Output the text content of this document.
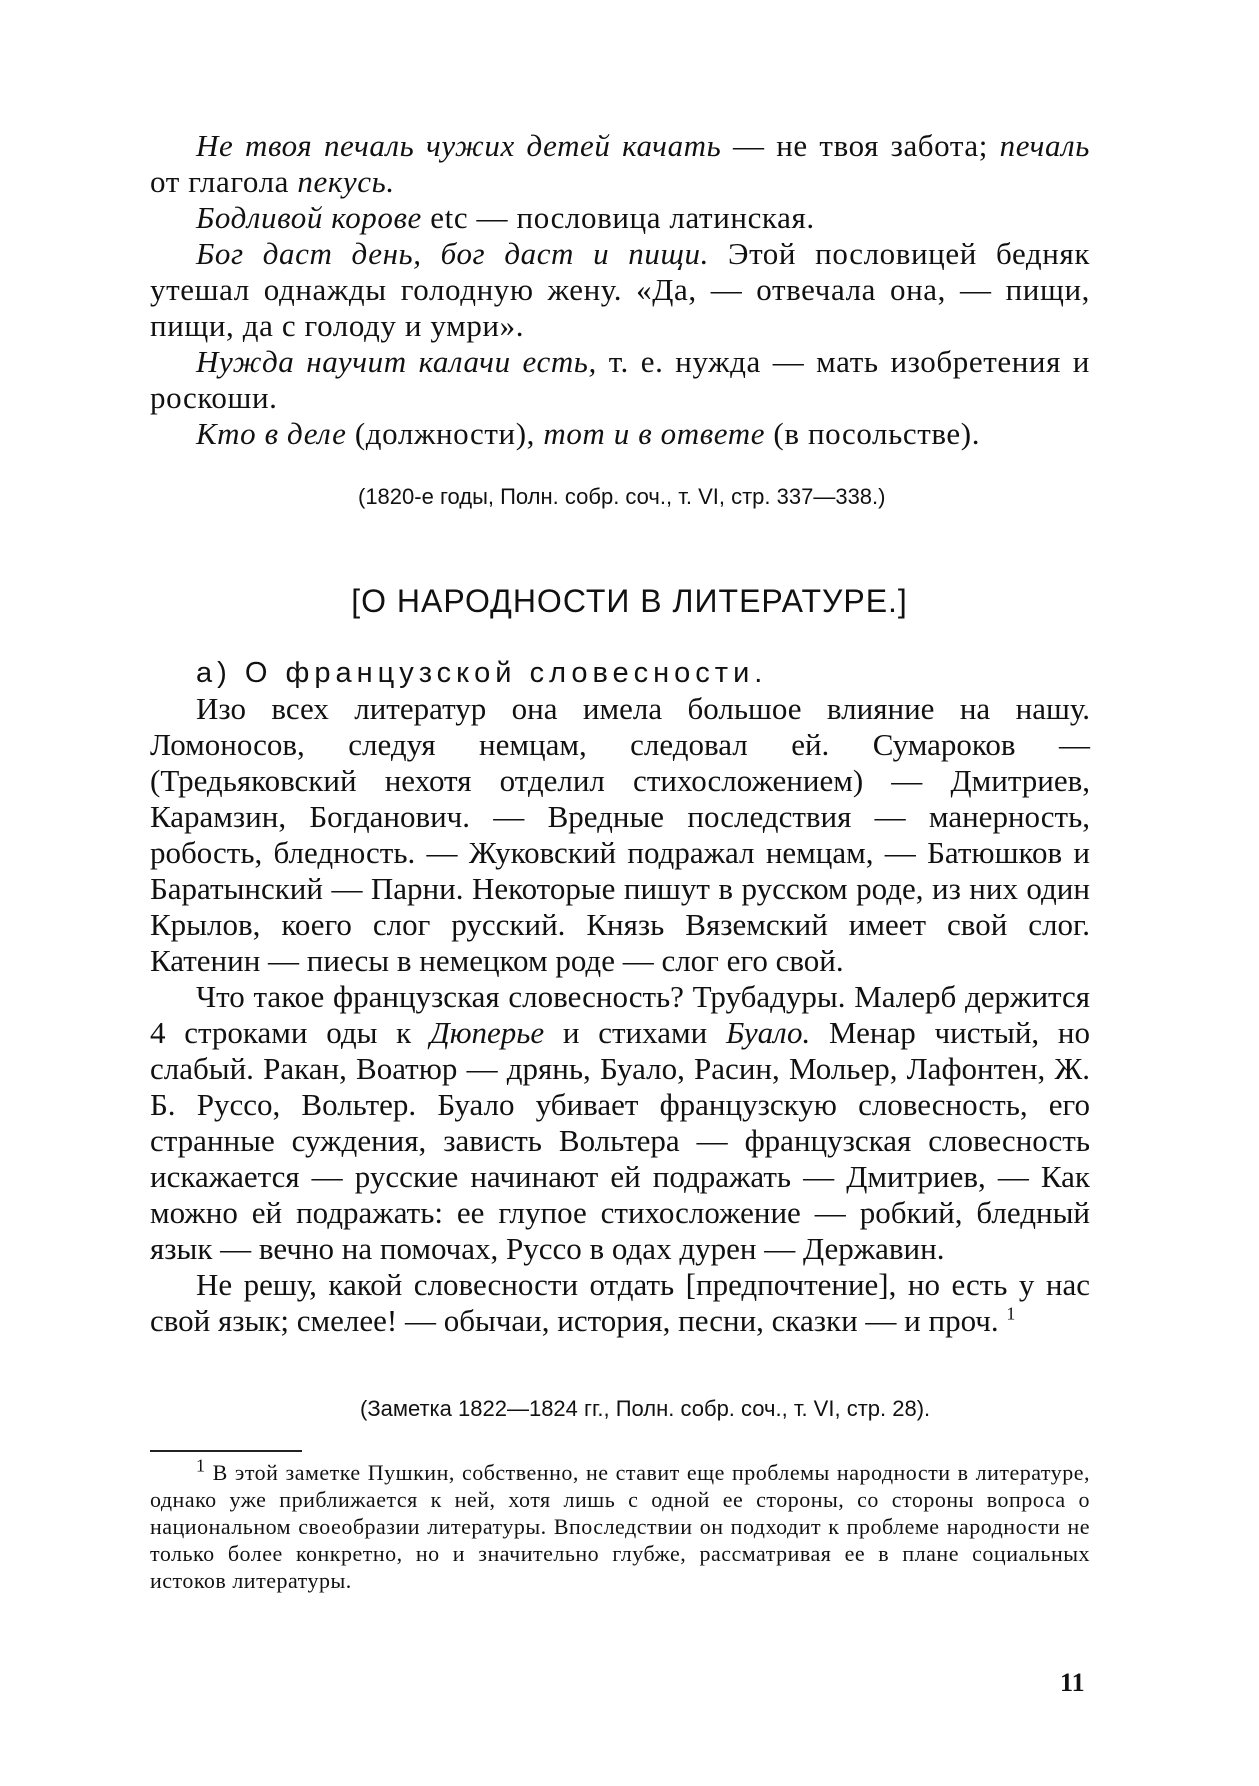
Не твоя печаль чужих детей качать — не твоя забота; печаль от глагола пекусь.

Бодливой корове etc — пословица латинская.

Бог даст день, бог даст и пищи. Этой пословицей бедняк утешал однажды голодную жену. «Да, — отвечала она, — пищи, пищи, да с голоду и умри».

Нужда научит калачи есть, т. е. нужда — мать изобретения и роскоши.

Кто в деле (должности), тот и в ответе (в посольстве).

(1820-е годы, Полн. собр. соч., т. VI, стр. 337—338.)
[О НАРОДНОСТИ В ЛИТЕРАТУРЕ.]

а) О французской словесности.

Изо всех литератур она имела большое влияние на нашу. Ломоносов, следуя немцам, следовал ей. Сумароков — (Тредьяковский нехотя отделил стихосложением) — Дмитриев, Карамзин, Богданович. — Вредные последствия — манерность, робость, бледность. — Жуковский подражал немцам, — Батюшков и Баратынский — Парни. Некоторые пишут в русском роде, из них один Крылов, коего слог русский. Князь Вяземский имеет свой слог. Катенин — пиесы в немецком роде — слог его свой.

Что такое французская словесность? Трубадуры. Малерб держится 4 строками оды к Дюперье и стихами Буало. Менар чистый, но слабый. Ракан, Воатюр — дрянь, Буало, Расин, Мольер, Лафонтен, Ж. Б. Руссо, Вольтер. Буало убивает французскую словесность, его странные суждения, зависть Вольтера — французская словесность искажается — русские начинают ей подражать — Дмитриев, — Как можно ей подражать: ее глупое стихосложение — робкий, бледный язык — вечно на помочах, Руссо в одах дурен — Державин.

Не решу, какой словесности отдать [предпочтение], но есть у нас свой язык; смелее! — обычаи, история, песни, сказки — и проч. $^1$

(Заметка 1822—1824 гг., Полн. собр. соч., т. VI, стр. 28).
$^1$ В этой заметке Пушкин, собственно, не ставит еще проблемы народности в литературе, однако уже приближается к ней, хотя лишь с одной ее стороны, со стороны вопроса о национальном своеобразии литературы. Впоследствии он подходит к проблеме народности не только более конкретно, но и значительно глубже, рассматривая ее в плане социальных истоков литературы.
11
